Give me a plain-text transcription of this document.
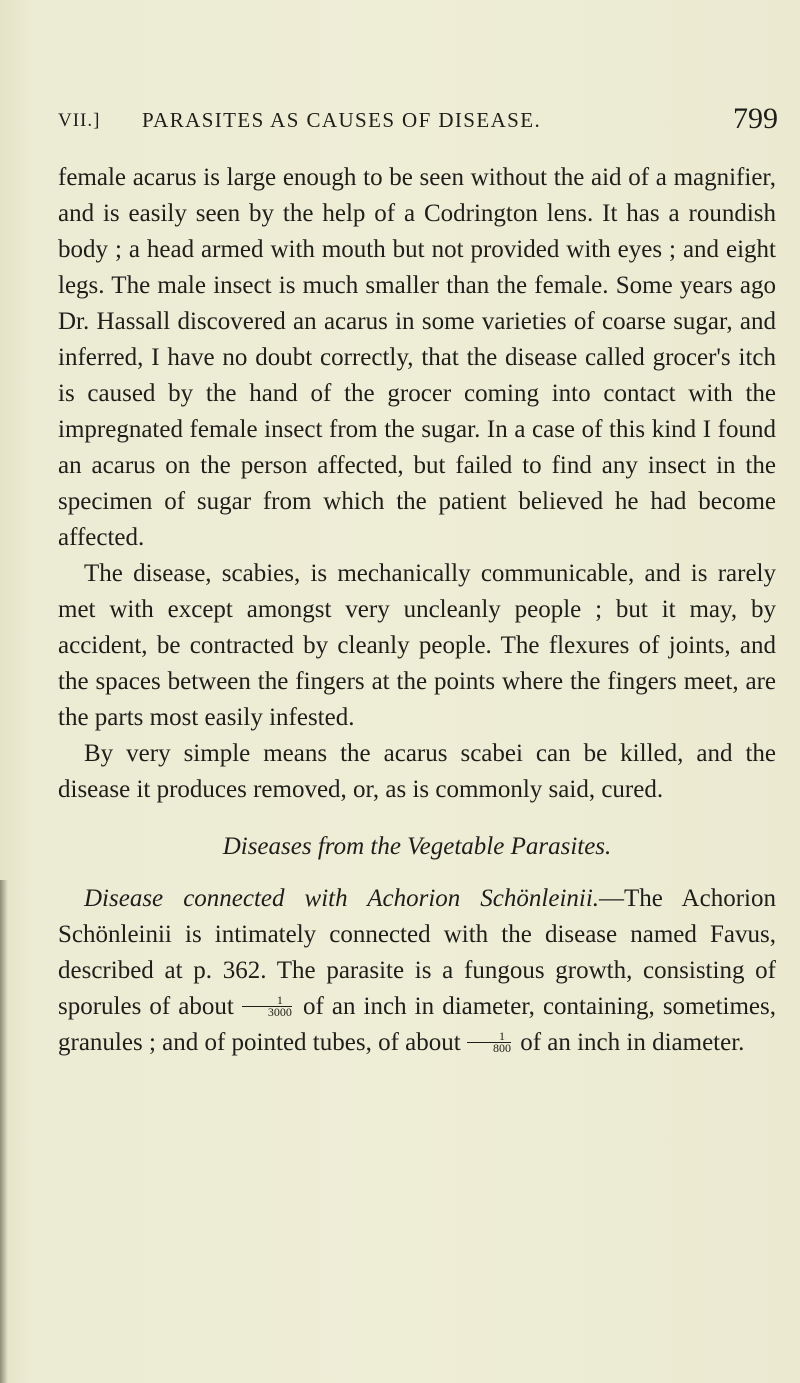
VII.] PARASITES AS CAUSES OF DISEASE.	799

female acarus is large enough to be seen without the aid of a magnifier, and is easily seen by the help of a Codrington lens. It has a roundish body ; a head armed with mouth but not provided with eyes ; and eight legs. The male insect is much smaller than the female. Some years ago Dr. Hassall discovered an acarus in some varieties of coarse sugar, and inferred, I have no doubt correctly, that the disease called grocer's itch is caused by the hand of the grocer coming into contact with the impregnated female insect from the sugar. In a case of this kind I found an acarus on the person affected, but failed to find any insect in the specimen of sugar from which the patient believed he had become affected.

The disease, scabies, is mechanically communicable, and is rarely met with except amongst very uncleanly people ; but it may, by accident, be contracted by cleanly people. The flexures of joints, and the spaces between the fingers at the points where the fingers meet, are the parts most easily infested.

By very simple means the acarus scabei can be killed, and the disease it produces removed, or, as is commonly said, cured.

Diseases from the Vegetable Parasites.

Disease connected with Achorion Schönleinii.—The Achorion Schönleinii is intimately connected with the disease named Favus, described at p. 362. The parasite is a fungous growth, consisting of sporules of about $\frac{1}{3000}$ of an inch in diameter, containing, sometimes, granules ; and of pointed tubes, of about $\frac{1}{800}$ of an inch in diameter.
